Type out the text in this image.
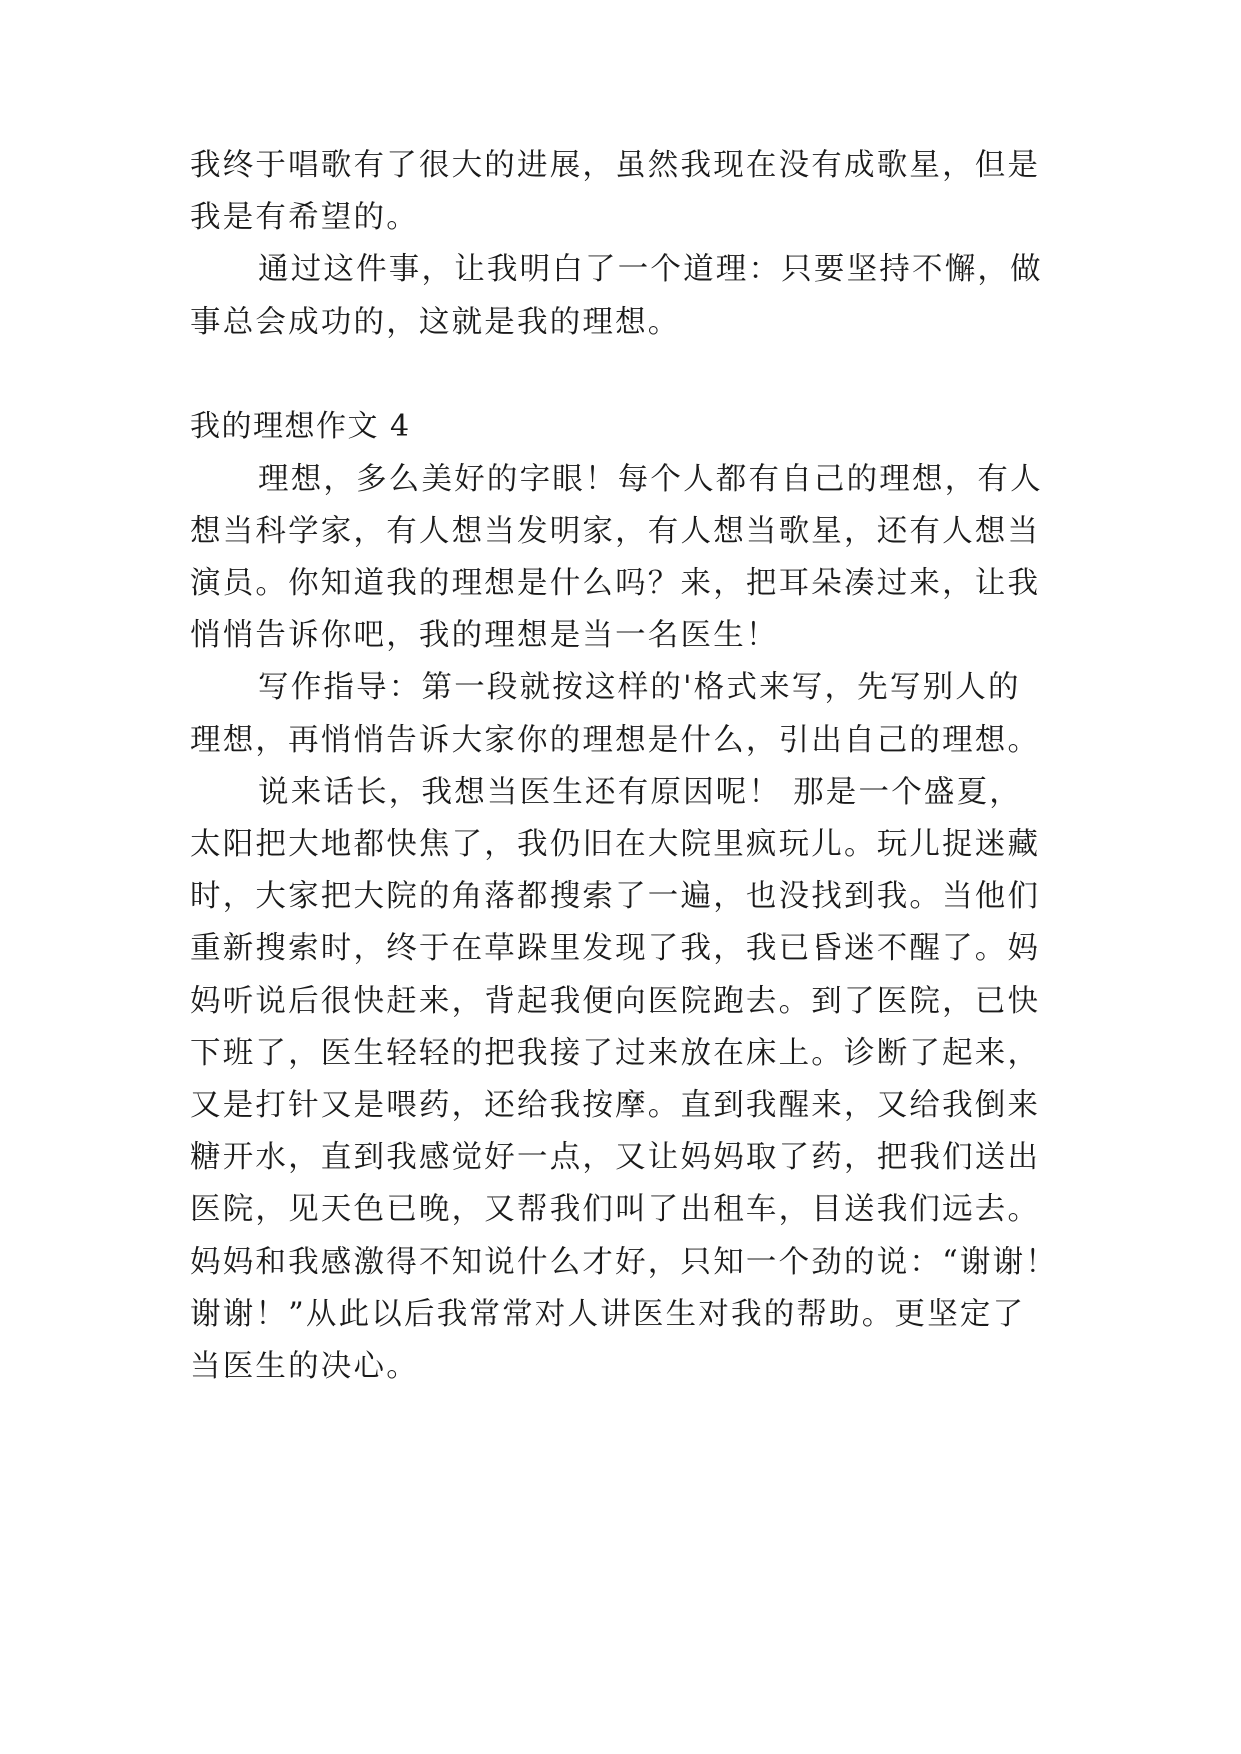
我终于唱歌有了很大的进展，虽然我现在没有成歌星，但是
我是有希望的。
通过这件事，让我明白了一个道理：只要坚持不懈，做
事总会成功的，这就是我的理想。
我的理想作文 4
理想，多么美好的字眼！每个人都有自己的理想，有人
想当科学家，有人想当发明家，有人想当歌星，还有人想当
演员。你知道我的理想是什么吗？来，把耳朵凑过来，让我
悄悄告诉你吧，我的理想是当一名医生！
写作指导：第一段就按这样的'格式来写，先写别人的
理想，再悄悄告诉大家你的理想是什么，引出自己的理想。
说来话长，我想当医生还有原因呢！ 那是一个盛夏，
太阳把大地都快焦了，我仍旧在大院里疯玩儿。玩儿捉迷藏
时，大家把大院的角落都搜索了一遍，也没找到我。当他们
重新搜索时，终于在草跺里发现了我，我已昏迷不醒了。妈
妈听说后很快赶来，背起我便向医院跑去。到了医院，已快
下班了，医生轻轻的把我接了过来放在床上。诊断了起来，
又是打针又是喂药，还给我按摩。直到我醒来，又给我倒来
糖开水，直到我感觉好一点，又让妈妈取了药，把我们送出
医院，见天色已晚，又帮我们叫了出租车，目送我们远去。
妈妈和我感激得不知说什么才好，只知一个劲的说：“谢谢！
谢谢！”从此以后我常常对人讲医生对我的帮助。更坚定了
当医生的决心。
